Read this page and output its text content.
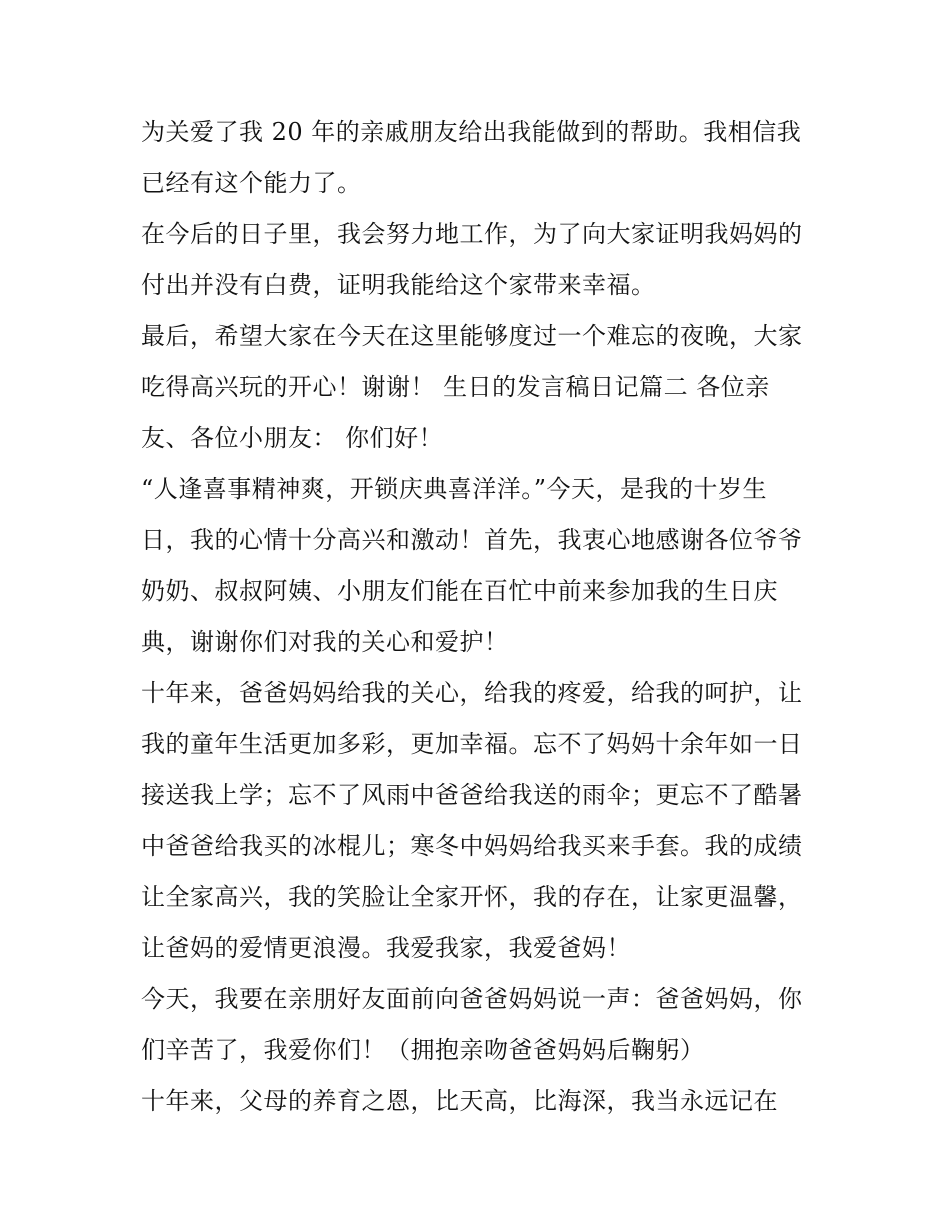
为关爱了我 20 年的亲戚朋友给出我能做到的帮助。我相信我
已经有这个能力了。
在今后的日子里，我会努力地工作，为了向大家证明我妈妈的
付出并没有白费，证明我能给这个家带来幸福。
最后，希望大家在今天在这里能够度过一个难忘的夜晚，大家
吃得高兴玩的开心！谢谢！ 生日的发言稿日记篇二 各位亲
友、各位小朋友： 你们好！
“人逢喜事精神爽，开锁庆典喜洋洋。”今天，是我的十岁生
日，我的心情十分高兴和激动！首先，我衷心地感谢各位爷爷
奶奶、叔叔阿姨、小朋友们能在百忙中前来参加我的生日庆
典，谢谢你们对我的关心和爱护！
十年来，爸爸妈妈给我的关心，给我的疼爱，给我的呵护，让
我的童年生活更加多彩，更加幸福。忘不了妈妈十余年如一日
接送我上学；忘不了风雨中爸爸给我送的雨伞；更忘不了酷暑
中爸爸给我买的冰棍儿；寒冬中妈妈给我买来手套。我的成绩
让全家高兴，我的笑脸让全家开怀，我的存在，让家更温馨，
让爸妈的爱情更浪漫。我爱我家，我爱爸妈！
今天，我要在亲朋好友面前向爸爸妈妈说一声：爸爸妈妈，你
们辛苦了，我爱你们！（拥抱亲吻爸爸妈妈后鞠躬）
十年来，父母的养育之恩，比天高，比海深，我当永远记在
